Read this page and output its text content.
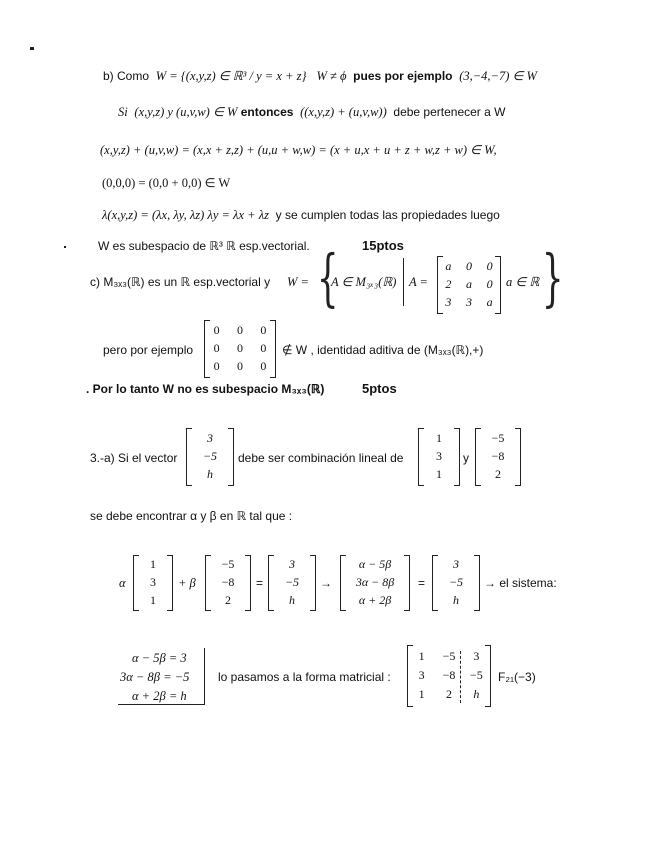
b) Como W = {(x,y,z) ∈ ℝ³ / y = x + z} W ≠ ϕ pues por ejemplo (3,−4,−7) ∈ W
Si (x,y,z) y (u,v,w) ∈ W entonces ((x,y,z) + (u,v,w)) debe pertenecer a W
(x,y,z) + (u,v,w) = (x,x + z,z) + (u,u + w,w) = (x + u,x + u + z + w,z + w) ∈ W,
(0,0,0) = (0,0 + 0,0) ∈ W
λ(x,y,z) = (λx, λy, λz) λy = λx + λz y se cumplen todas las propiedades luego
W es subespacio de ℝ³ ℝ esp.vectorial.	15ptos
c) M₃ₓ₃(ℝ) es un ℝ esp.vectorial y W = {
A ∈ M₃ₓ₃(ℝ) A =
a	0	0
2	a	0
3	3	a
a ∈ ℝ }
pero por ejemplo
0	0	0
0	0	0
0	0	0
∉ W , identidad aditiva de (M₃ₓ₃(ℝ),+)
. Por lo tanto W no es subespacio M₃ₓ₃(ℝ)	5ptos
3.-a) Si el vector
3
−5
h
debe ser combinación lineal de
1
3
1
y
−5
−8
2
se debe encontrar α y β en ℝ tal que :
α
1
3
1
+ β
−5
−8
2
=
3
−5
h
→
α − 5β
3α − 8β
α + 2β
=
3
−5
h
→ el sistema:
α − 5β = 3
3α − 8β = −5
α + 2β = h
lo pasamos a la forma matricial :
1	−5	3
3	−8 −5
1	2	h
F₂₁(−3)
